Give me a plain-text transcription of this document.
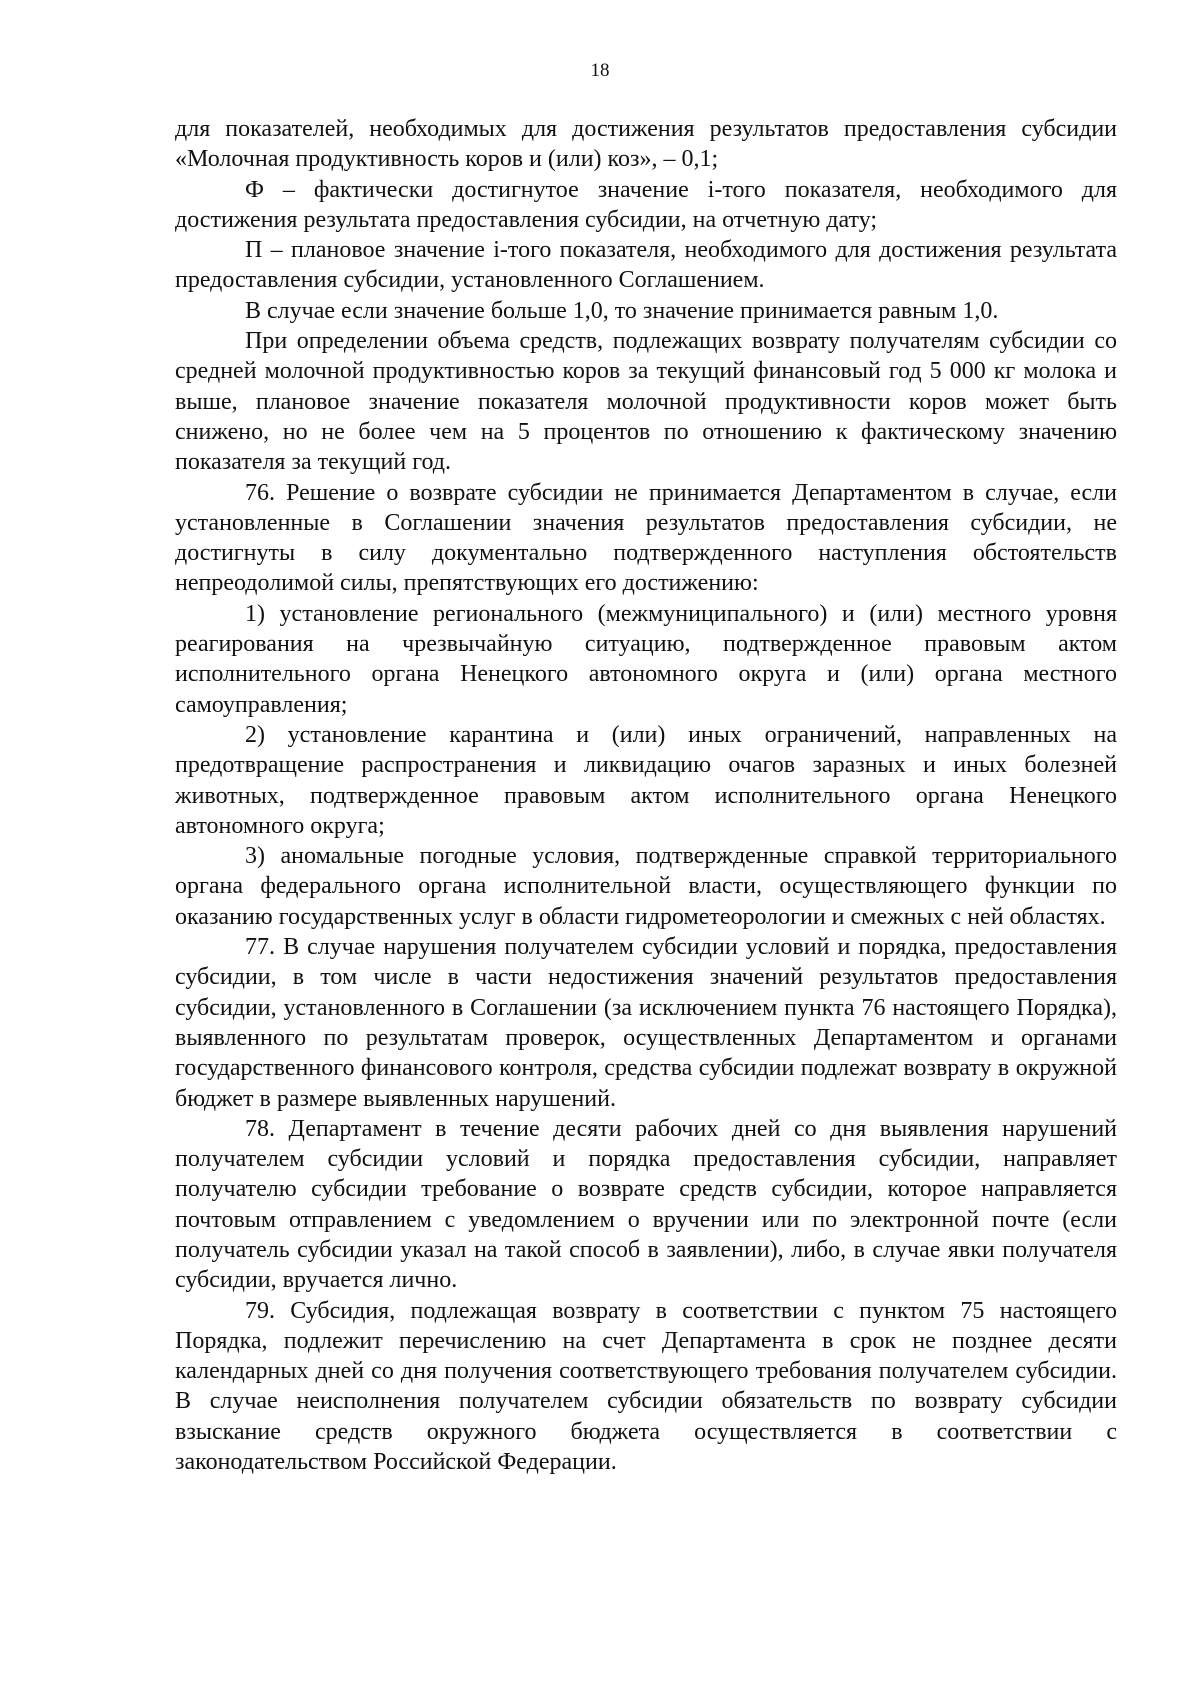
18

для показателей, необходимых для достижения результатов предоставления субсидии «Молочная продуктивность коров и (или) коз», – 0,1;

Ф – фактически достигнутое значение i-того показателя, необходимого для достижения результата предоставления субсидии, на отчетную дату;

П – плановое значение i-того показателя, необходимого для достижения результата предоставления субсидии, установленного Соглашением.

В случае если значение больше 1,0, то значение принимается равным 1,0.

При определении объема средств, подлежащих возврату получателям субсидии со средней молочной продуктивностью коров за текущий финансовый год 5 000 кг молока и выше, плановое значение показателя молочной продуктивности коров может быть снижено, но не более чем на 5 процентов по отношению к фактическому значению показателя за текущий год.

76. Решение о возврате субсидии не принимается Департаментом в случае, если установленные в Соглашении значения результатов предоставления субсидии, не достигнуты в силу документально подтвержденного наступления обстоятельств непреодолимой силы, препятствующих его достижению:

1) установление регионального (межмуниципального) и (или) местного уровня реагирования на чрезвычайную ситуацию, подтвержденное правовым актом исполнительного органа Ненецкого автономного округа и (или) органа местного самоуправления;

2) установление карантина и (или) иных ограничений, направленных на предотвращение распространения и ликвидацию очагов заразных и иных болезней животных, подтвержденное правовым актом исполнительного органа Ненецкого автономного округа;

3) аномальные погодные условия, подтвержденные справкой территориального органа федерального органа исполнительной власти, осуществляющего функции по оказанию государственных услуг в области гидрометеорологии и смежных с ней областях.

77. В случае нарушения получателем субсидии условий и порядка, предоставления субсидии, в том числе в части недостижения значений результатов предоставления субсидии, установленного в Соглашении (за исключением пункта 76 настоящего Порядка), выявленного по результатам проверок, осуществленных Департаментом и органами государственного финансового контроля, средства субсидии подлежат возврату в окружной бюджет в размере выявленных нарушений.

78. Департамент в течение десяти рабочих дней со дня выявления нарушений получателем субсидии условий и порядка предоставления субсидии, направляет получателю субсидии требование о возврате средств субсидии, которое направляется почтовым отправлением с уведомлением о вручении или по электронной почте (если получатель субсидии указал на такой способ в заявлении), либо, в случае явки получателя субсидии, вручается лично.

79. Субсидия, подлежащая возврату в соответствии с пунктом 75 настоящего Порядка, подлежит перечислению на счет Департамента в срок не позднее десяти календарных дней со дня получения соответствующего требования получателем субсидии. В случае неисполнения получателем субсидии обязательств по возврату субсидии взыскание средств окружного бюджета осуществляется в соответствии с законодательством Российской Федерации.
